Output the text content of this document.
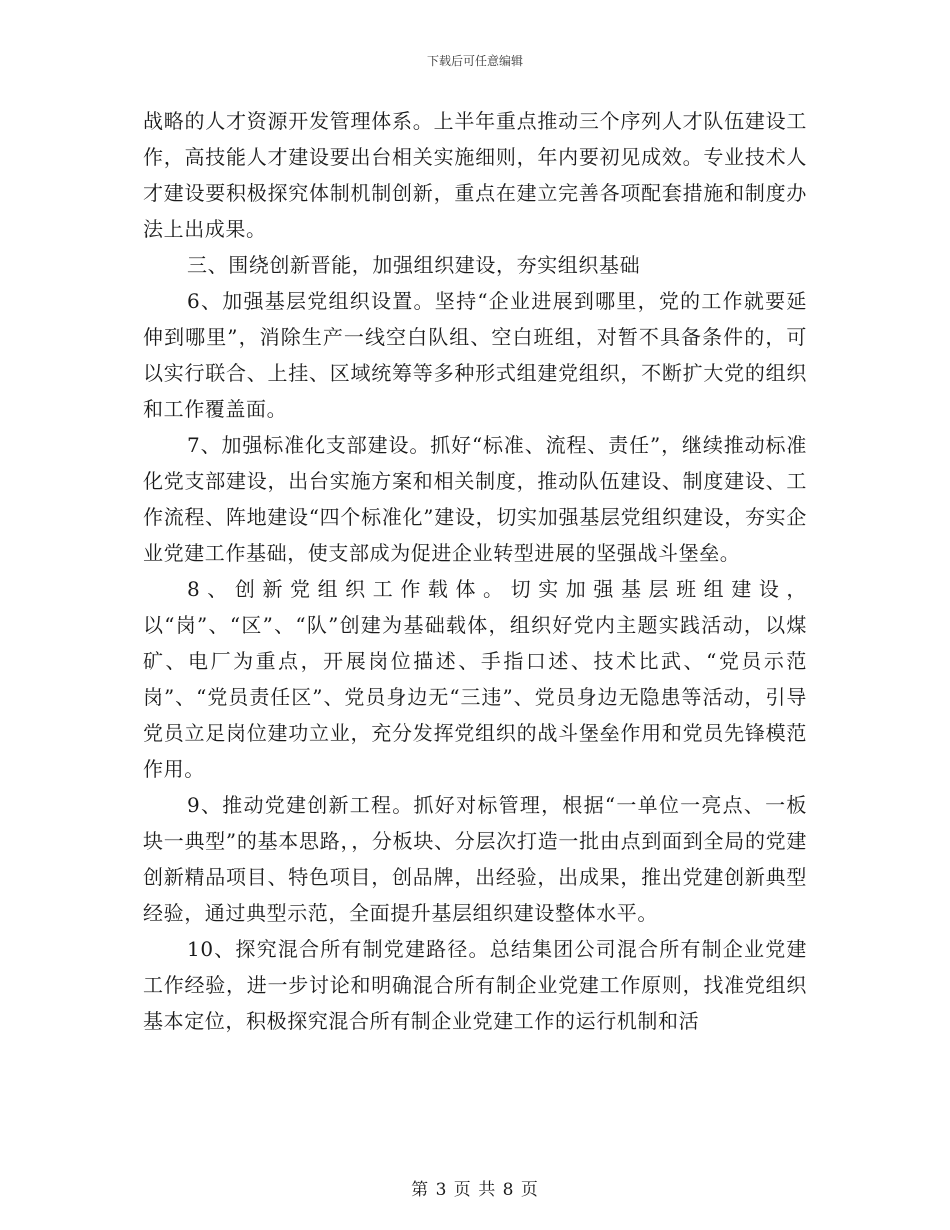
下载后可任意编辑

战略的人才资源开发管理体系。上半年重点推动三个序列人才队伍建设工作，高技能人才建设要出台相关实施细则，年内要初见成效。专业技术人才建设要积极探究体制机制创新，重点在建立完善各项配套措施和制度办法上出成果。

三、围绕创新晋能，加强组织建设，夯实组织基础

6、加强基层党组织设置。坚持“企业进展到哪里，党的工作就要延伸到哪里”，消除生产一线空白队组、空白班组，对暂不具备条件的，可以实行联合、上挂、区域统筹等多种形式组建党组织，不断扩大党的组织和工作覆盖面。

7、加强标准化支部建设。抓好“标准、流程、责任”，继续推动标准化党支部建设，出台实施方案和相关制度，推动队伍建设、制度建设、工作流程、阵地建设“四个标准化”建设，切实加强基层党组织建设，夯实企业党建工作基础，使支部成为促进企业转型进展的坚强战斗堡垒。

8、创新党组织工作载体。切实加强基层班组建设，以“岗”、“区”、“队”创建为基础载体，组织好党内主题实践活动，以煤矿、电厂为重点，开展岗位描述、手指口述、技术比武、“党员示范岗”、“党员责任区”、党员身边无“三违”、党员身边无隐患等活动，引导党员立足岗位建功立业，充分发挥党组织的战斗堡垒作用和党员先锋模范作用。

9、推动党建创新工程。抓好对标管理，根据“一单位一亮点、一板块一典型”的基本思路，，分板块、分层次打造一批由点到面到全局的党建创新精品项目、特色项目，创品牌，出经验，出成果，推出党建创新典型经验，通过典型示范，全面提升基层组织建设整体水平。

10、探究混合所有制党建路径。总结集团公司混合所有制企业党建工作经验，进一步讨论和明确混合所有制企业党建工作原则，找准党组织基本定位，积极探究混合所有制企业党建工作的运行机制和活

第 3 页 共 8 页
